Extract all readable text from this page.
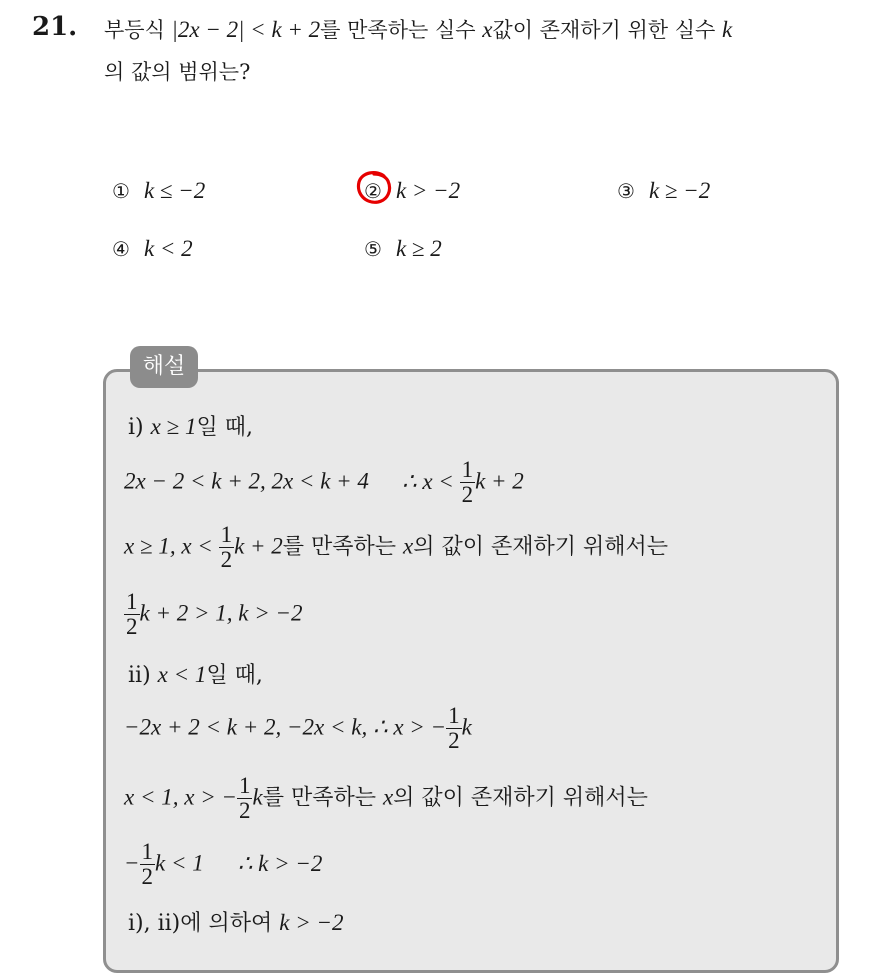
21. 부등식 |2x − 2| < k + 2를 만족하는 실수 x값이 존재하기 위한 실수 k
의 값의 범위는?
① k ≤ −2	② k > −2	③ k ≥ −2
④ k < 2	⑤ k ≥ 2
해설
ⅰ) x ≥ 1일 때,
2x − 2 < k + 2, 2x < k + 4 ∴ $x < \frac{1}{2}$ k + 2
x ≥ 1, $x < \frac{1}{2}$ k + 2를 만족하는 x의 값이 존재하기 위해서는
$\frac{1}{2}$ k + 2 > 1, k > −2
ⅱ) x < 1일 때,
−2x + 2 < k + 2, −2x < k, ∴ x > − $\frac{1}{2}$ k
x < 1, x > − $\frac{1}{2}$ k를 만족하는 x의 값이 존재하기 위해서는
− $\frac{1}{2}$ k < 1 ∴ k > −2
ⅰ), ⅱ)에 의하여 k > −2
